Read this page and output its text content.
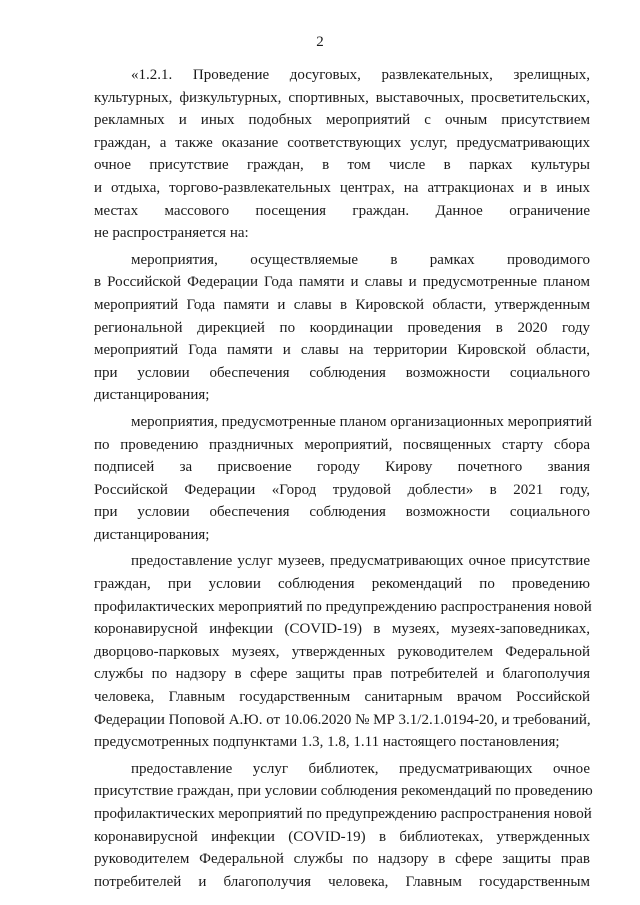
2
«1.2.1. Проведение досуговых, развлекательных, зрелищных,
культурных, физкультурных, спортивных, выставочных, просветительских,
рекламных и иных подобных мероприятий с очным присутствием
граждан, а также оказание соответствующих услуг, предусматривающих
очное присутствие граждан, в том числе в парках культуры
и отдыха, торгово-развлекательных центрах, на аттракционах и в иных
местах массового посещения граждан. Данное ограничение
не распространяется на:
мероприятия, осуществляемые в рамках проводимого
в Российской Федерации Года памяти и славы и предусмотренные планом
мероприятий Года памяти и славы в Кировской области, утвержденным
региональной дирекцией по координации проведения в 2020 году
мероприятий Года памяти и славы на территории Кировской области,
при условии обеспечения соблюдения возможности социального
дистанцирования;
мероприятия, предусмотренные планом организационных мероприятий
по проведению праздничных мероприятий, посвященных старту сбора
подписей за присвоение городу Кирову почетного звания
Российской Федерации «Город трудовой доблести» в 2021 году,
при условии обеспечения соблюдения возможности социального
дистанцирования;
предоставление услуг музеев, предусматривающих очное присутствие
граждан, при условии соблюдения рекомендаций по проведению
профилактических мероприятий по предупреждению распространения новой
коронавирусной инфекции (COVID-19) в музеях, музеях-заповедниках,
дворцово-парковых музеях, утвержденных руководителем Федеральной
службы по надзору в сфере защиты прав потребителей и благополучия
человека, Главным государственным санитарным врачом Российской
Федерации Поповой А.Ю. от 10.06.2020 № МР 3.1/2.1.0194-20, и требований,
предусмотренных подпунктами 1.3, 1.8, 1.11 настоящего постановления;
предоставление услуг библиотек, предусматривающих очное
присутствие граждан, при условии соблюдения рекомендаций по проведению
профилактических мероприятий по предупреждению распространения новой
коронавирусной инфекции (COVID-19) в библиотеках, утвержденных
руководителем Федеральной службы по надзору в сфере защиты прав
потребителей и благополучия человека, Главным государственным
